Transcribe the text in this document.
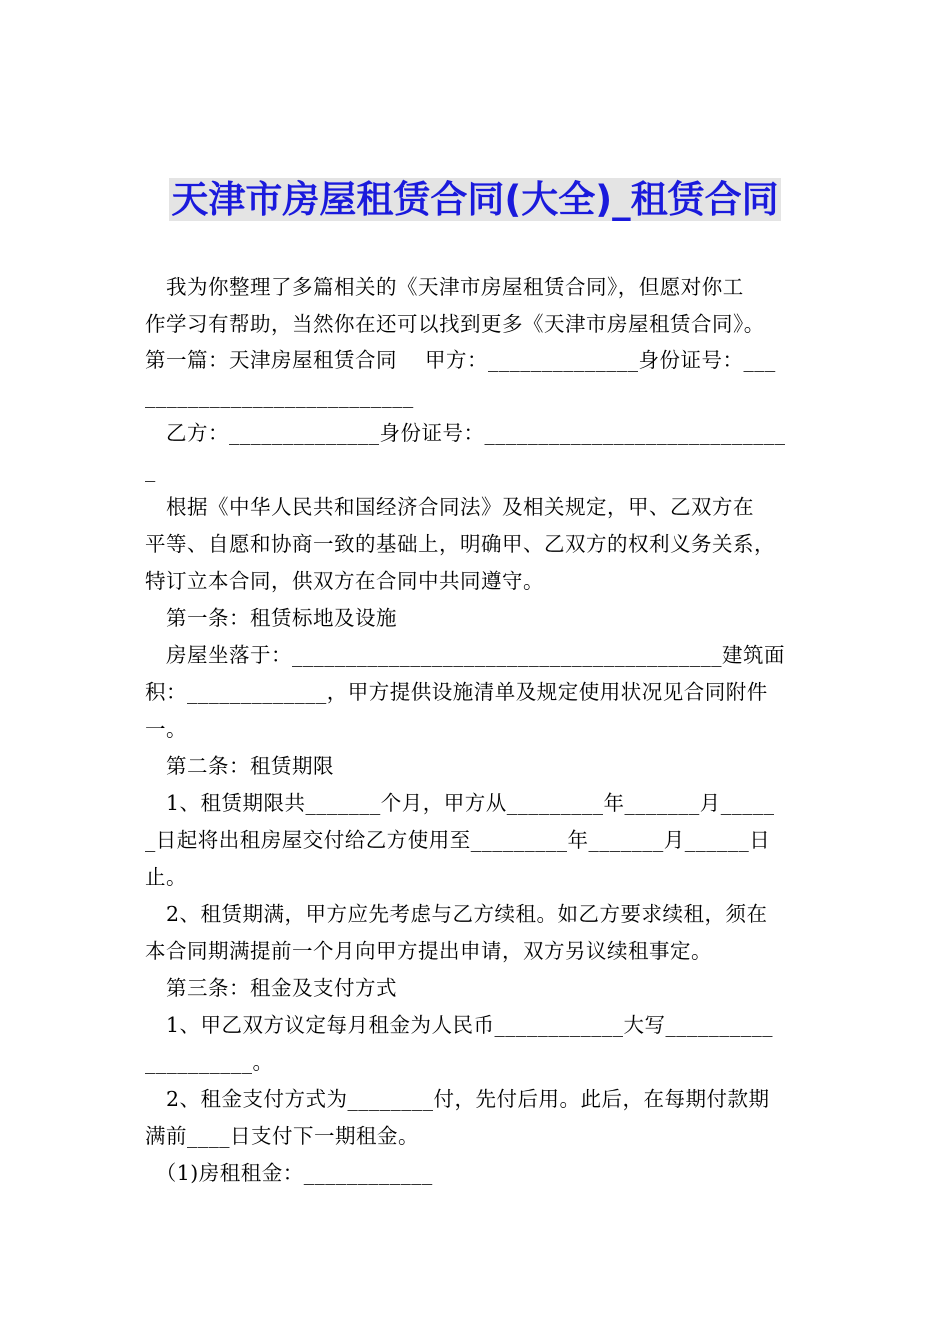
天津市房屋租赁合同(大全)_租赁合同
　我为你整理了多篇相关的《天津市房屋租赁合同》，但愿对你工
作学习有帮助，当然你在还可以找到更多《天津市房屋租赁合同》。
第一篇：天津房屋租赁合同　 甲方：______________身份证号：___
_________________________
　乙方：______________身份证号：____________________________
_
　根据《中华人民共和国经济合同法》及相关规定，甲、乙双方在
平等、自愿和协商一致的基础上，明确甲、乙双方的权利义务关系，
特订立本合同，供双方在合同中共同遵守。
　第一条：租赁标地及设施
　房屋坐落于：________________________________________建筑面
积：_____________，甲方提供设施清单及规定使用状况见合同附件
一。
　第二条：租赁期限
　1、租赁期限共_______个月，甲方从_________年_______月_____
_日起将出租房屋交付给乙方使用至_________年_______月______日
止。
　2、租赁期满，甲方应先考虑与乙方续租。如乙方要求续租，须在
本合同期满提前一个月向甲方提出申请，双方另议续租事定。
　第三条：租金及支付方式
　1、甲乙双方议定每月租金为人民币____________大写__________
__________。
　2、租金支付方式为________付，先付后用。此后，在每期付款期
满前____日支付下一期租金。
　（1)房租租金：____________
